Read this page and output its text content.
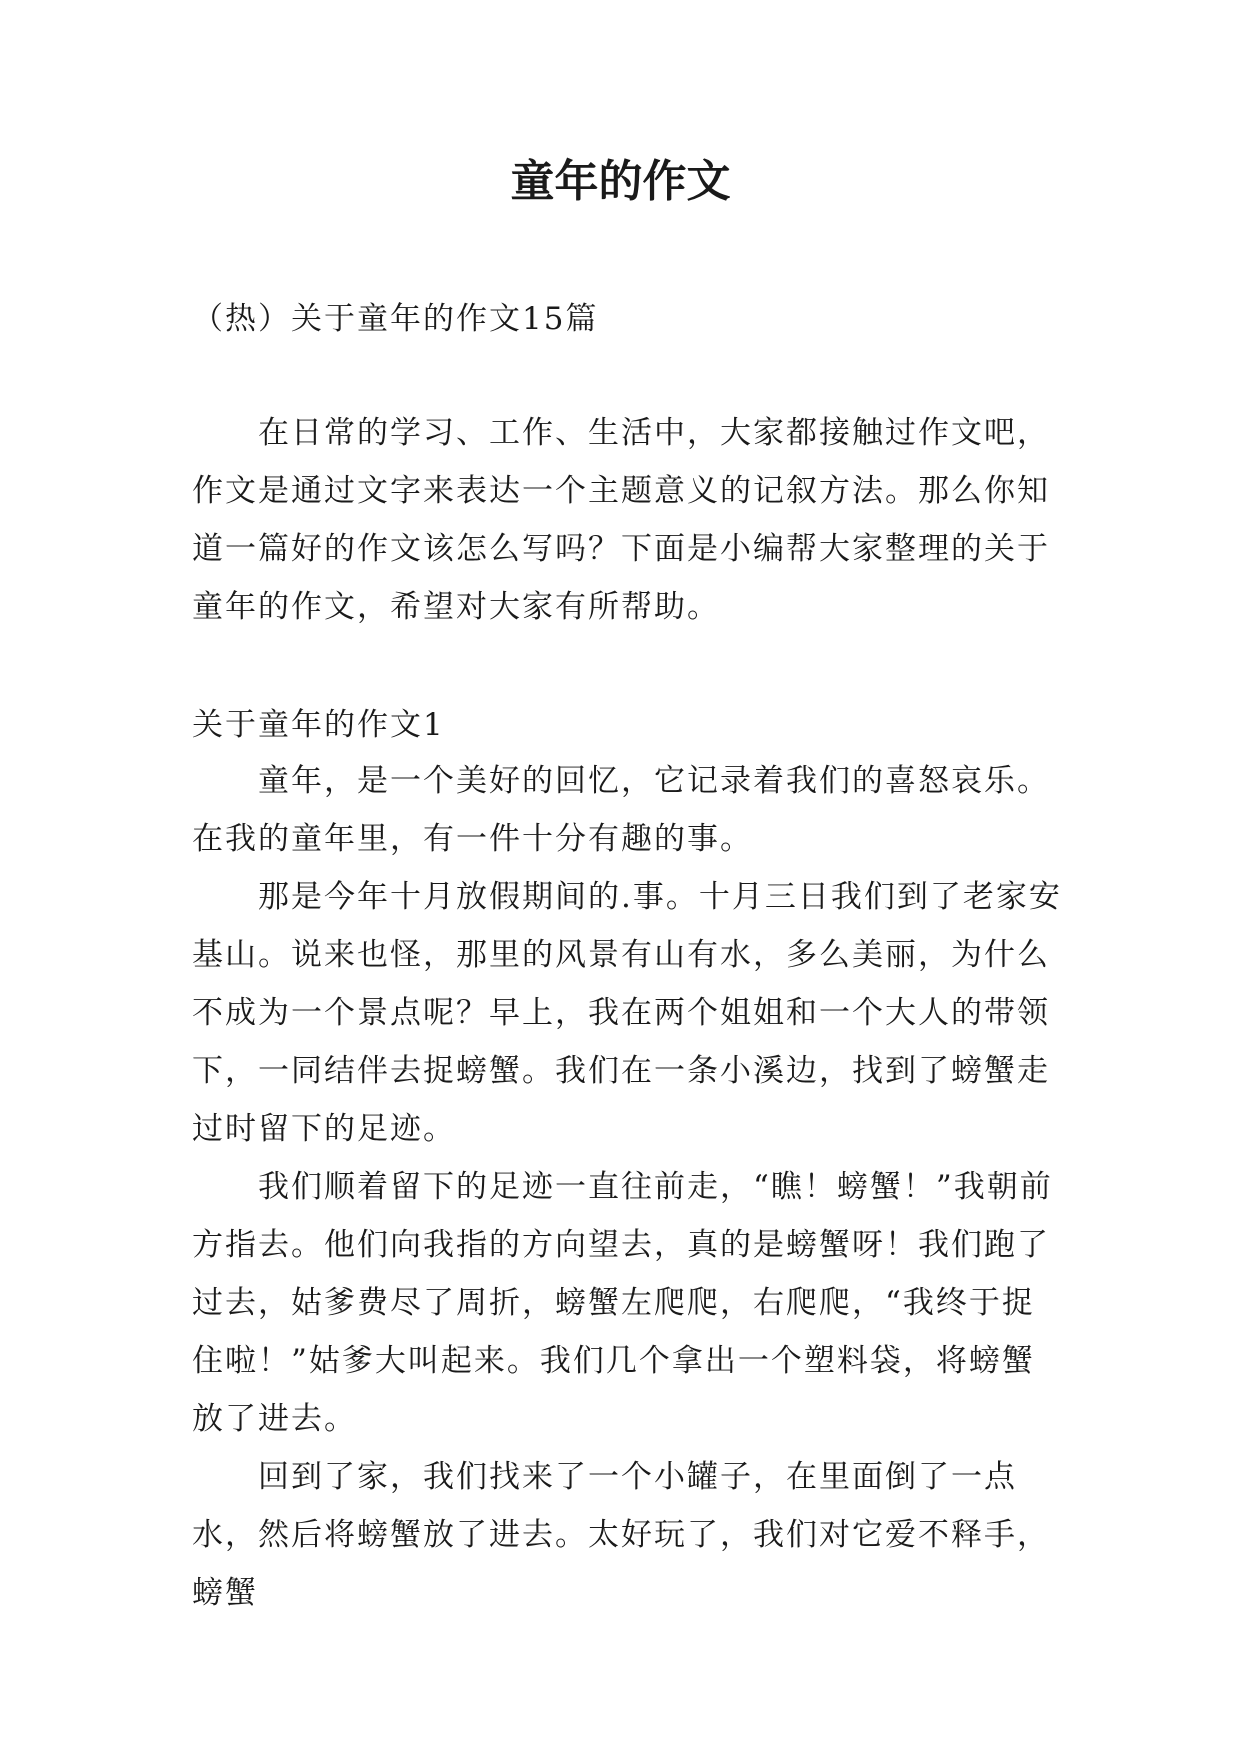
童年的作文

（热）关于童年的作文15篇

在日常的学习、工作、生活中，大家都接触过作文吧，作文是通过文字来表达一个主题意义的记叙方法。那么你知道一篇好的作文该怎么写吗？下面是小编帮大家整理的关于童年的作文，希望对大家有所帮助。

关于童年的作文1

童年，是一个美好的回忆，它记录着我们的喜怒哀乐。在我的童年里，有一件十分有趣的事。

那是今年十月放假期间的.事。十月三日我们到了老家安基山。说来也怪，那里的风景有山有水，多么美丽，为什么不成为一个景点呢？早上，我在两个姐姐和一个大人的带领下，一同结伴去捉螃蟹。我们在一条小溪边，找到了螃蟹走过时留下的足迹。

我们顺着留下的足迹一直往前走，“瞧！螃蟹！”我朝前方指去。他们向我指的方向望去，真的是螃蟹呀！我们跑了过去，姑爹费尽了周折，螃蟹左爬爬，右爬爬，“我终于捉住啦！”姑爹大叫起来。我们几个拿出一个塑料袋，将螃蟹放了进去。

回到了家，我们找来了一个小罐子，在里面倒了一点水，然后将螃蟹放了进去。太好玩了，我们对它爱不释手，螃蟹
